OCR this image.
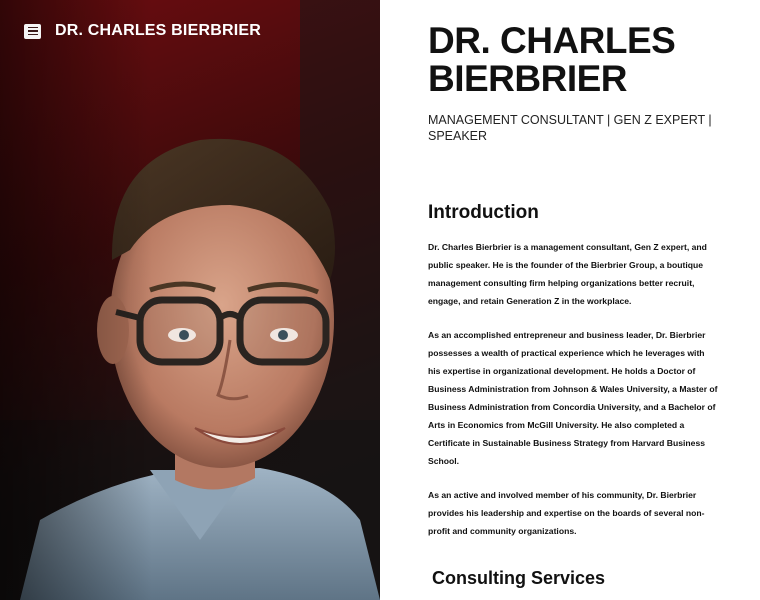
DR. CHARLES BIERBRIER	DR. CHARLES
BIERBRIER

MANAGEMENT CONSULTANT | GEN Z EXPERT | SPEAKER

Introduction

Dr. Charles Bierbrier is a management consultant, Gen Z expert, and public speaker. He is the founder of the Bierbrier Group, a boutique management consulting firm helping organizations better recruit, engage, and retain Generation Z in the workplace.

As an accomplished entrepreneur and business leader, Dr. Bierbrier possesses a wealth of practical experience which he leverages with his expertise in organizational development. He holds a Doctor of Business Administration from Johnson & Wales University, a Master of Business Administration from Concordia University, and a Bachelor of Arts in Economics from McGill University. He also completed a Certificate in Sustainable Business Strategy from Harvard Business School.

As an active and involved member of his community, Dr. Bierbrier provides his leadership and expertise on the boards of several non-profit and community organizations.

Consulting Services
